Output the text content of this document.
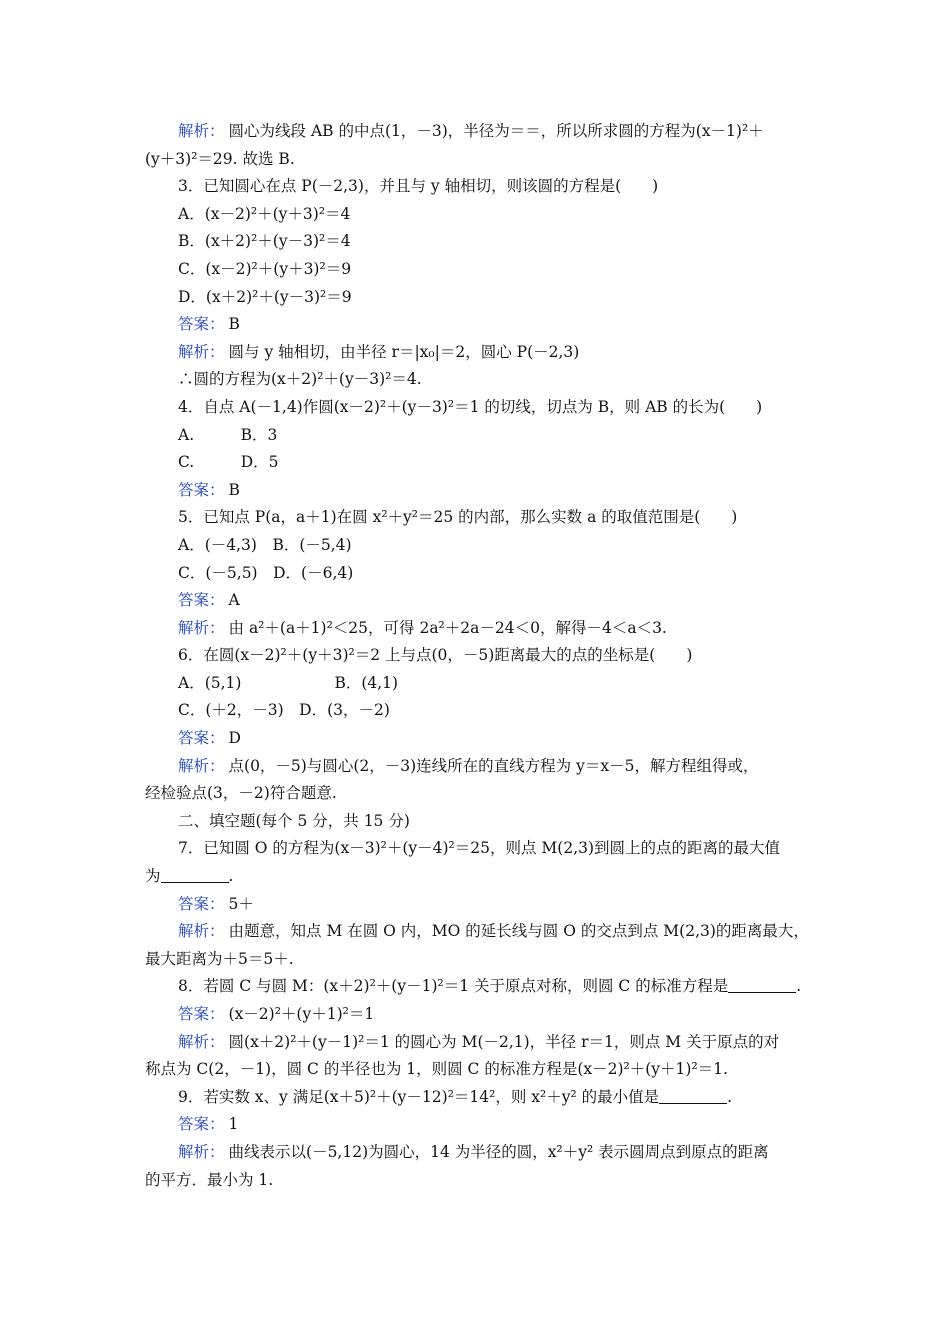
解析： 圆心为线段 AB 的中点(1，－3)，半径为＝＝，所以所求圆的方程为(x－1)²＋
(y＋3)²＝29. 故选 B.
3．已知圆心在点 P(－2,3)，并且与 y 轴相切，则该圆的方程是(　　)
A．(x－2)²＋(y＋3)²＝4
B．(x＋2)²＋(y－3)²＝4
C．(x－2)²＋(y＋3)²＝9
D．(x＋2)²＋(y－3)²＝9
答案： B
解析： 圆与 y 轴相切，由半径 r＝|x₀|＝2，圆心 P(－2,3)
∴圆的方程为(x＋2)²＋(y－3)²＝4.
4．自点 A(－1,4)作圆(x－2)²＋(y－3)²＝1 的切线，切点为 B，则 AB 的长为(　　)
A.　　　B．3
C.　　　D．5
答案： B
5．已知点 P(a，a＋1)在圆 x²＋y²＝25 的内部，那么实数 a 的取值范围是(　　)
A．(－4,3)　B．(－5,4)
C．(－5,5)　D．(－6,4)
答案： A
解析： 由 a²＋(a＋1)²＜25，可得 2a²＋2a－24＜0，解得－4＜a＜3.
6．在圆(x－2)²＋(y＋3)²＝2 上与点(0，－5)距离最大的点的坐标是(　　)
A．(5,1)　　　　　　B．(4,1)
C．(＋2，－3)　D．(3，－2)
答案： D
解析： 点(0，－5)与圆心(2，－3)连线所在的直线方程为 y＝x－5，解方程组得或，
经检验点(3，－2)符合题意.
二、填空题(每个 5 分，共 15 分)
7．已知圆 O 的方程为(x－3)²＋(y－4)²＝25，则点 M(2,3)到圆上的点的距离的最大值
为	.
答案： 5＋
解析： 由题意，知点 M 在圆 O 内，MO 的延长线与圆 O 的交点到点 M(2,3)的距离最大，
最大距离为＋5＝5＋.
8．若圆 C 与圆 M：(x＋2)²＋(y－1)²＝1 关于原点对称，则圆 C 的标准方程是	.
答案： (x－2)²＋(y＋1)²＝1
解析： 圆(x＋2)²＋(y－1)²＝1 的圆心为 M(－2,1)，半径 r＝1，则点 M 关于原点的对
称点为 C(2，－1)，圆 C 的半径也为 1，则圆 C 的标准方程是(x－2)²＋(y＋1)²＝1.
9．若实数 x、y 满足(x＋5)²＋(y－12)²＝14²，则 x²＋y² 的最小值是	.
答案： 1
解析： 曲线表示以(－5,12)为圆心，14 为半径的圆，x²＋y² 表示圆周点到原点的距离
的平方．最小为 1.
